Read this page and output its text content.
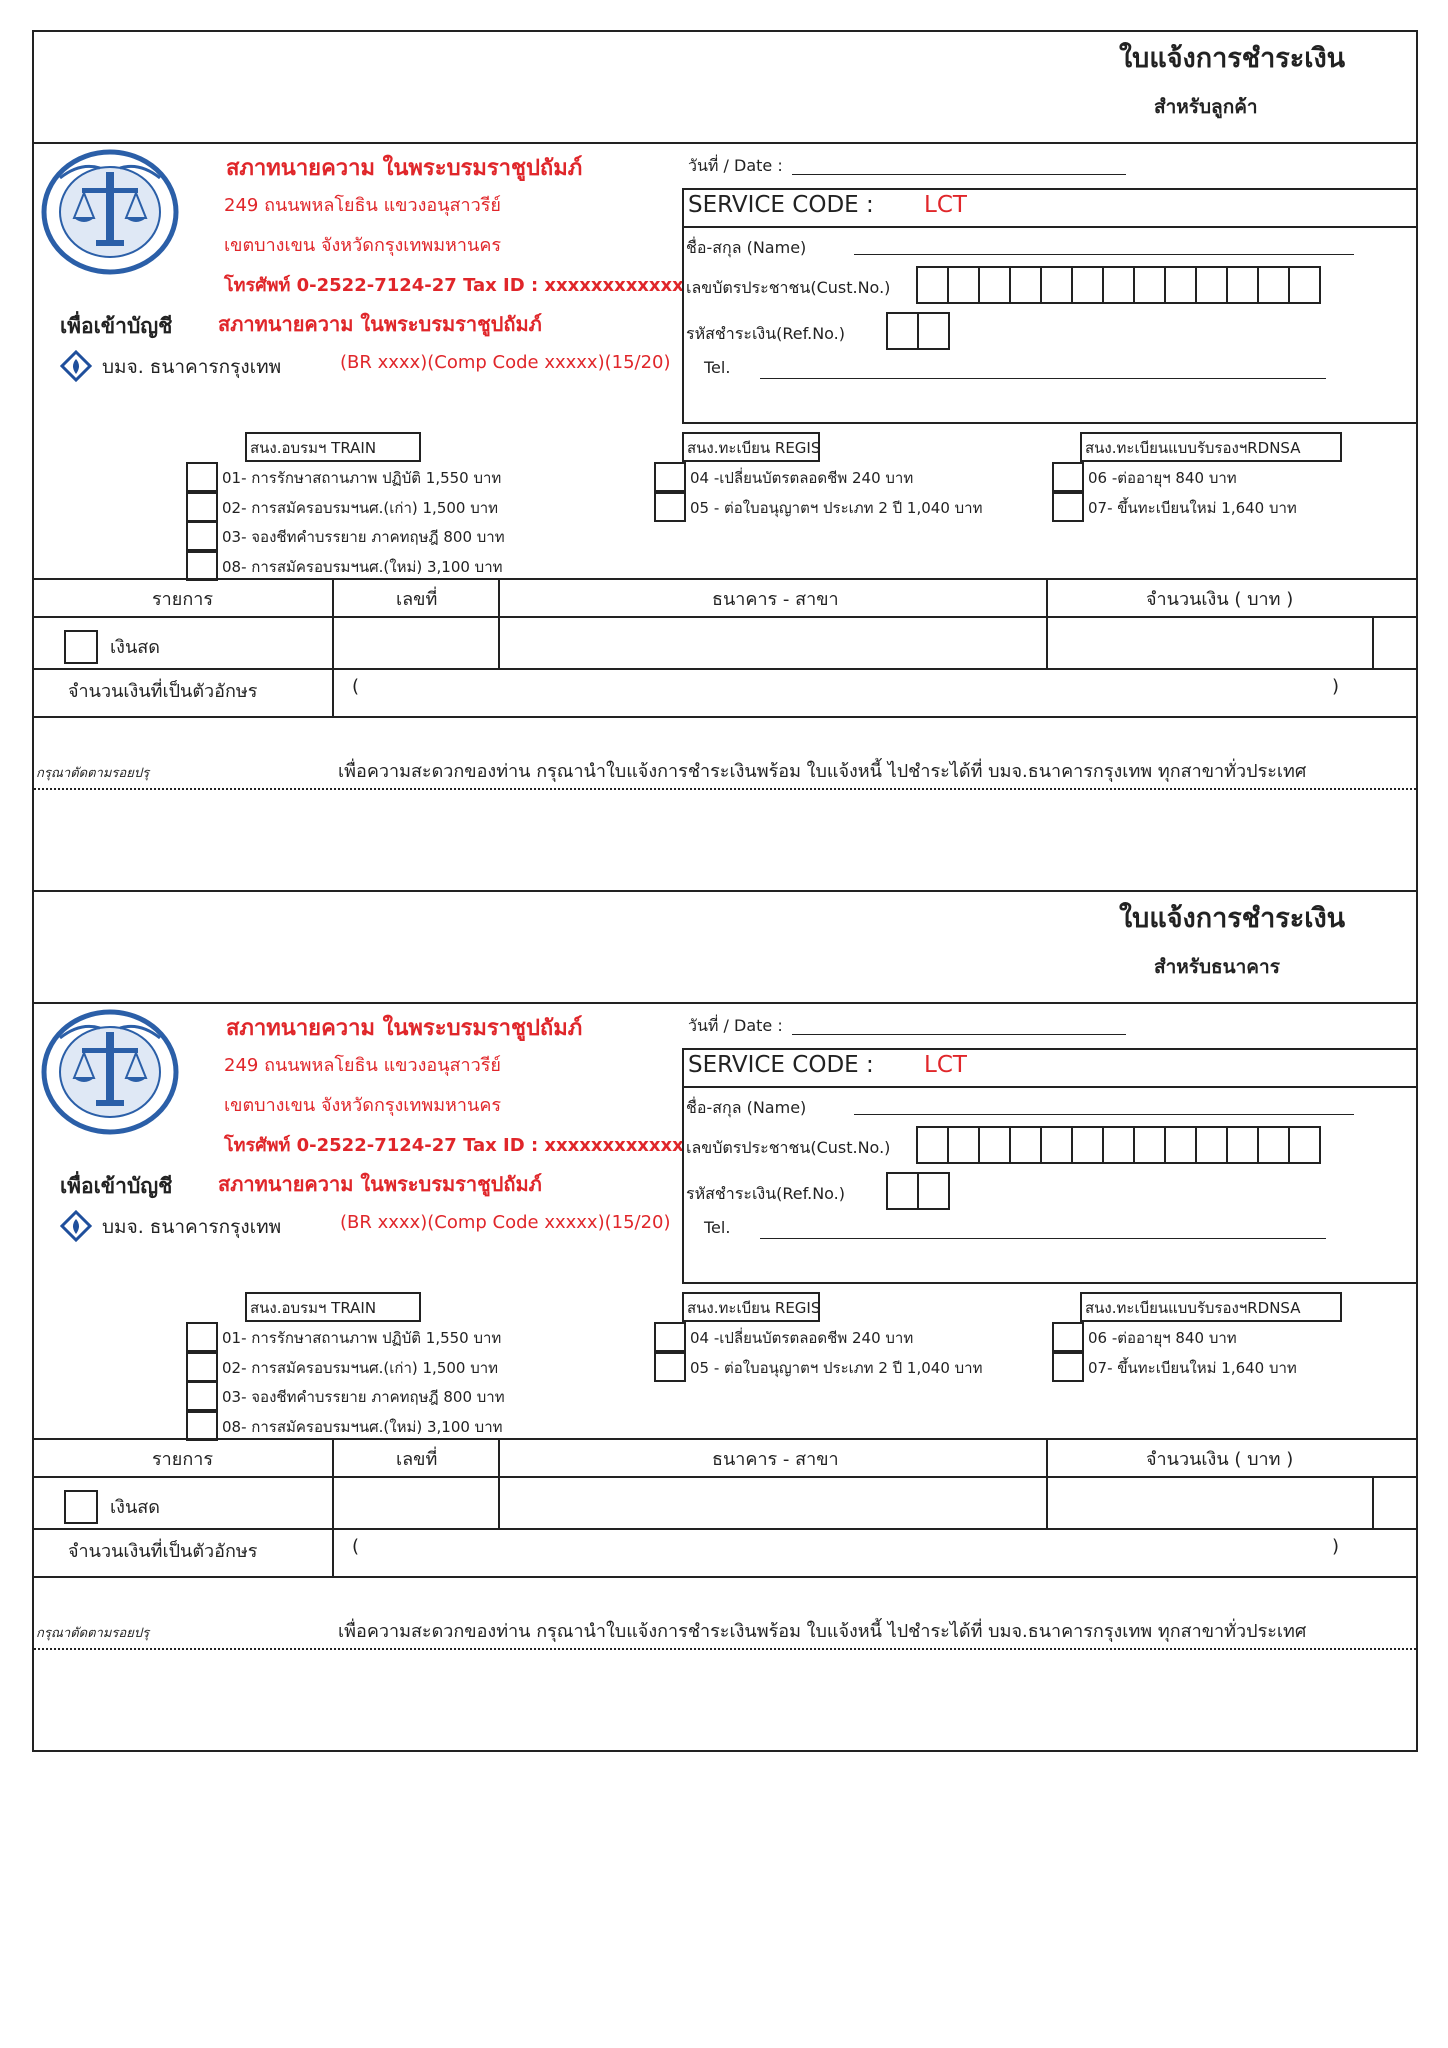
ใบแจ้งการชำระเงิน
สำหรับลูกค้า
สภาทนายความ ในพระบรมราชูปถัมภ์
249 ถนนพหลโยธิน แขวงอนุสาวรีย์
เขตบางเขน จังหวัดกรุงเทพมหานคร
โทรศัพท์ 0-2522-7124-27 Tax ID : xxxxxxxxxxxx
เพื่อเข้าบัญชี สภาทนายความ ในพระบรมราชูปถัมภ์
บมจ. ธนาคารกรุงเทพ	(BR xxxx)(Comp Code xxxxx)(15/20)
วันที่ / Date :
SERVICE CODE : LCT
ชื่อ-สกุล (Name)
เลขบัตรประชาชน(Cust.No.)
รหัสชำระเงิน(Ref.No.)
Tel.
สนง.อบรมฯ TRAIN
01- การรักษาสถานภาพ ปฏิบัติ 1,550 บาท
02- การสมัครอบรมฯนศ.(เก่า) 1,500 บาท
03- จองชีทคำบรรยาย ภาคทฤษฎี 800 บาท
08- การสมัครอบรมฯนศ.(ใหม่) 3,100 บาท
สนง.ทะเบียน REGIS
04 -เปลี่ยนบัตรตลอดชีพ 240 บาท
05 - ต่อใบอนุญาตฯ ประเภท 2 ปี 1,040 บาท
สนง.ทะเบียนแบบรับรองฯRDNSA
06 -ต่ออายุฯ 840 บาท
07- ขึ้นทะเบียนใหม่ 1,640 บาท
รายการ	เลขที่	ธนาคาร - สาขา	จำนวนเงิน ( บาท )
เงินสด
จำนวนเงินที่เป็นตัวอักษร	(	)
กรุณาตัดตามรอยปรุ	เพื่อความสะดวกของท่าน กรุณานำใบแจ้งการชำระเงินพร้อม ใบแจ้งหนี้ ไปชำระได้ที่ บมจ.ธนาคารกรุงเทพ ทุกสาขาทั่วประเทศ
ใบแจ้งการชำระเงิน
สำหรับธนาคาร
สภาทนายความ ในพระบรมราชูปถัมภ์
249 ถนนพหลโยธิน แขวงอนุสาวรีย์
เขตบางเขน จังหวัดกรุงเทพมหานคร
โทรศัพท์ 0-2522-7124-27 Tax ID : xxxxxxxxxxxx
เพื่อเข้าบัญชี สภาทนายความ ในพระบรมราชูปถัมภ์
บมจ. ธนาคารกรุงเทพ	(BR xxxx)(Comp Code xxxxx)(15/20)
วันที่ / Date :
SERVICE CODE : LCT
ชื่อ-สกุล (Name)
เลขบัตรประชาชน(Cust.No.)
รหัสชำระเงิน(Ref.No.)
Tel.
สนง.อบรมฯ TRAIN
01- การรักษาสถานภาพ ปฏิบัติ 1,550 บาท
02- การสมัครอบรมฯนศ.(เก่า) 1,500 บาท
03- จองชีทคำบรรยาย ภาคทฤษฎี 800 บาท
08- การสมัครอบรมฯนศ.(ใหม่) 3,100 บาท
สนง.ทะเบียน REGIS
04 -เปลี่ยนบัตรตลอดชีพ 240 บาท
05 - ต่อใบอนุญาตฯ ประเภท 2 ปี 1,040 บาท
สนง.ทะเบียนแบบรับรองฯRDNSA
06 -ต่ออายุฯ 840 บาท
07- ขึ้นทะเบียนใหม่ 1,640 บาท
รายการ	เลขที่	ธนาคาร - สาขา	จำนวนเงิน ( บาท )
เงินสด
จำนวนเงินที่เป็นตัวอักษร	(	)
กรุณาตัดตามรอยปรุ	เพื่อความสะดวกของท่าน กรุณานำใบแจ้งการชำระเงินพร้อม ใบแจ้งหนี้ ไปชำระได้ที่ บมจ.ธนาคารกรุงเทพ ทุกสาขาทั่วประเทศ
